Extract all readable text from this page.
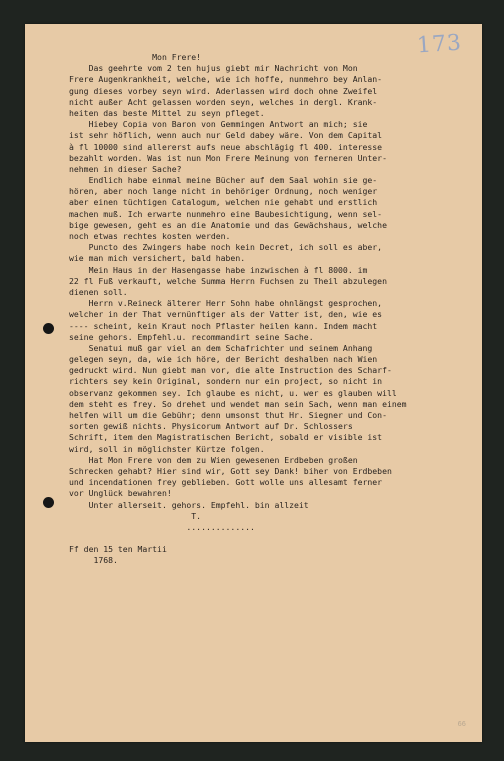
173
Mon Frere!
Das geehrte vom 2 ten hujus giebt mir Nachricht von Mon
Frere Augenkrankheit, welche, wie ich hoffe, nunmehro bey Anlan-
gung dieses vorbey seyn wird. Aderlassen wird doch ohne Zweifel
nicht außer Acht gelassen worden seyn, welches in dergl. Krank-
heiten das beste Mittel zu seyn pfleget.
Hiebey Copia von Baron von Gemmingen Antwort an mich; sie
ist sehr höflich, wenn auch nur Geld dabey wäre. Von dem Capital
à fl 10000 sind allererst aufs neue abschlägig fl 400. interesse
bezahlt worden. Was ist nun Mon Frere Meinung von ferneren Unter-
nehmen in dieser Sache?
Endlich habe einmal meine Bücher auf dem Saal wohin sie ge-
hören, aber noch lange nicht in behöriger Ordnung, noch weniger
aber einen tüchtigen Catalogum, welchen nie gehabt und erstlich
machen muß. Ich erwarte nunmehro eine Baubesichtigung, wenn sel-
bige gewesen, geht es an die Anatomie und das Gewächshaus, welche
noch etwas rechtes kosten werden.
Puncto des Zwingers habe noch kein Decret, ich soll es aber,
wie man mich versichert, bald haben.
Mein Haus in der Hasengasse habe inzwischen à fl 8000. im
22 fl Fuß verkauft, welche Summa Herrn Fuchsen zu Theil abzulegen
dienen soll.
Herrn v.Reineck älterer Herr Sohn habe ohnlängst gesprochen,
welcher in der That vernünftiger als der Vatter ist, den, wie es
---- scheint, kein Kraut noch Pflaster heilen kann. Indem macht
seine gehors. Empfehl.u. recommandirt seine Sache.
Senatui muß gar viel an dem Schafrichter und seinem Anhang
gelegen seyn, da, wie ich höre, der Bericht deshalben nach Wien
gedruckt wird. Nun giebt man vor, die alte Instruction des Scharf-
richters sey kein Original, sondern nur ein project, so nicht in
observanz gekommen sey. Ich glaube es nicht, u. wer es glauben will
dem steht es frey. So drehet und wendet man sein Sach, wenn man einem
helfen will um die Gebühr; denn umsonst thut Hr. Siegner und Con-
sorten gewiß nichts. Physicorum Antwort auf Dr. Schlossers
Schrift, item den Magistratischen Bericht, sobald er visible ist
wird, soll in möglichster Kürtze folgen.
Hat Mon Frere von dem zu Wien gewesenen Erdbeben großen
Schrecken gehabt? Hier sind wir, Gott sey Dank! biher von Erdbeben
und incendationen frey geblieben. Gott wolle uns allesamt ferner
vor Unglück bewahren!
Unter allerseit. gehors. Empfehl. bin allzeit
T.
..............
Ff den 15 ten Martii
1768.
66
